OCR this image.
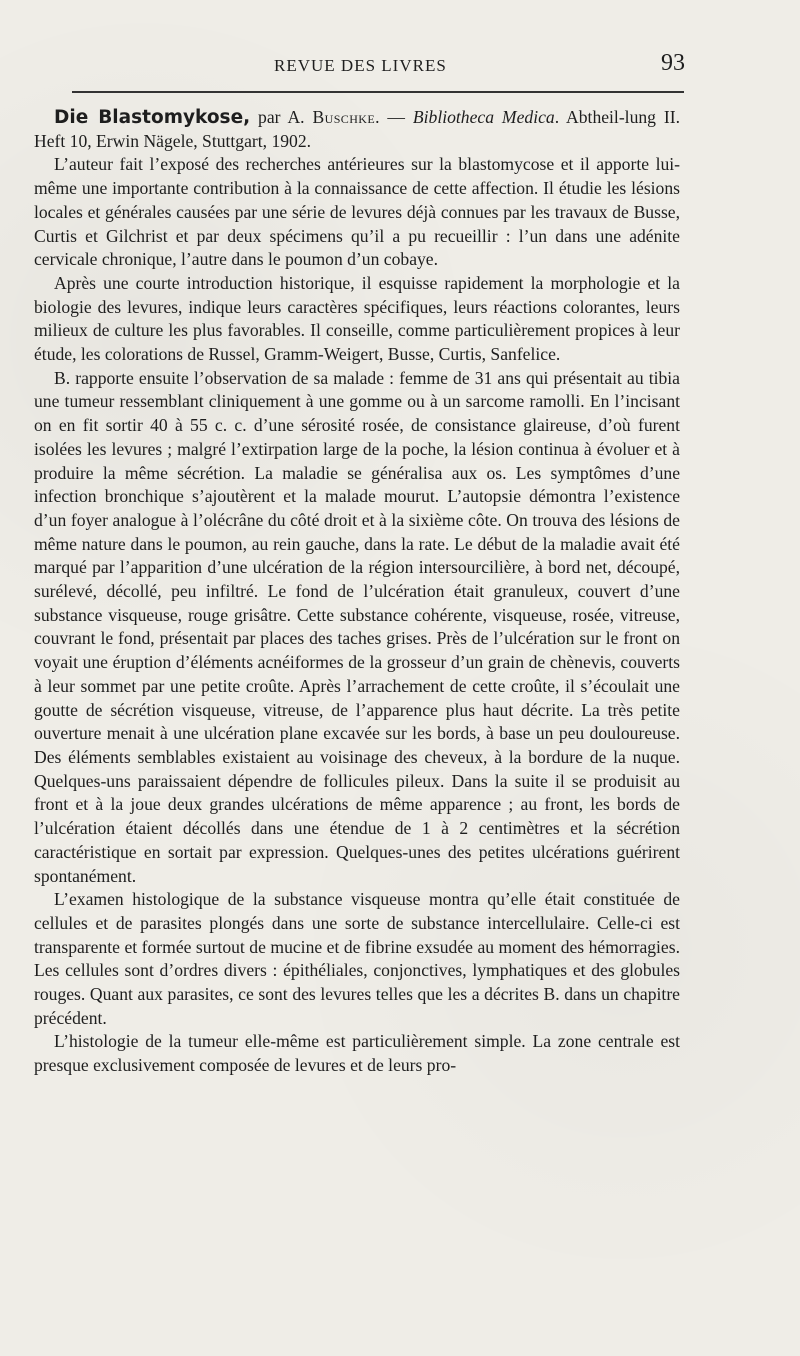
REVUE DES LIVRES	93

Die Blastomykose, par A. Buschke. — Bibliotheca Medica. Abtheil-lung II. Heft 10, Erwin Nägele, Stuttgart, 1902.

L’auteur fait l’exposé des recherches antérieures sur la blastomycose et il apporte lui-même une importante contribution à la connaissance de cette affection. Il étudie les lésions locales et générales causées par une série de levures déjà connues par les travaux de Busse, Curtis et Gilchrist et par deux spécimens qu’il a pu recueillir : l’un dans une adénite cervicale chronique, l’autre dans le poumon d’un cobaye.

Après une courte introduction historique, il esquisse rapidement la morphologie et la biologie des levures, indique leurs caractères spécifiques, leurs réactions colorantes, leurs milieux de culture les plus favorables. Il conseille, comme particulièrement propices à leur étude, les colorations de Russel, Gramm-Weigert, Busse, Curtis, Sanfelice.

B. rapporte ensuite l’observation de sa malade : femme de 31 ans qui présentait au tibia une tumeur ressemblant cliniquement à une gomme ou à un sarcome ramolli. En l’incisant on en fit sortir 40 à 55 c. c. d’une sérosité rosée, de consistance glaireuse, d’où furent isolées les levures ; malgré l’extirpation large de la poche, la lésion continua à évoluer et à produire la même sécrétion. La maladie se généralisa aux os. Les symptômes d’une infection bronchique s’ajoutèrent et la malade mourut. L’autopsie démontra l’existence d’un foyer analogue à l’olécrâne du côté droit et à la sixième côte. On trouva des lésions de même nature dans le poumon, au rein gauche, dans la rate. Le début de la maladie avait été marqué par l’apparition d’une ulcération de la région intersourcilière, à bord net, découpé, surélevé, décollé, peu infiltré. Le fond de l’ulcération était granuleux, couvert d’une substance visqueuse, rouge grisâtre. Cette substance cohérente, visqueuse, rosée, vitreuse, couvrant le fond, présentait par places des taches grises. Près de l’ulcération sur le front on voyait une éruption d’éléments acnéiformes de la grosseur d’un grain de chènevis, couverts à leur sommet par une petite croûte. Après l’arrachement de cette croûte, il s’écoulait une goutte de sécrétion visqueuse, vitreuse, de l’apparence plus haut décrite. La très petite ouverture menait à une ulcération plane excavée sur les bords, à base un peu douloureuse. Des éléments semblables existaient au voisinage des cheveux, à la bordure de la nuque. Quelques-uns paraissaient dépendre de follicules pileux. Dans la suite il se produisit au front et à la joue deux grandes ulcérations de même apparence ; au front, les bords de l’ulcération étaient décollés dans une étendue de 1 à 2 centimètres et la sécrétion caractéristique en sortait par expression. Quelques-unes des petites ulcérations guérirent spontanément.

L’examen histologique de la substance visqueuse montra qu’elle était constituée de cellules et de parasites plongés dans une sorte de substance intercellulaire. Celle-ci est transparente et formée surtout de mucine et de fibrine exsudée au moment des hémorragies. Les cellules sont d’ordres divers : épithéliales, conjonctives, lymphatiques et des globules rouges. Quant aux parasites, ce sont des levures telles que les a décrites B. dans un chapitre précédent.

L’histologie de la tumeur elle-même est particulièrement simple. La zone centrale est presque exclusivement composée de levures et de leurs pro-
